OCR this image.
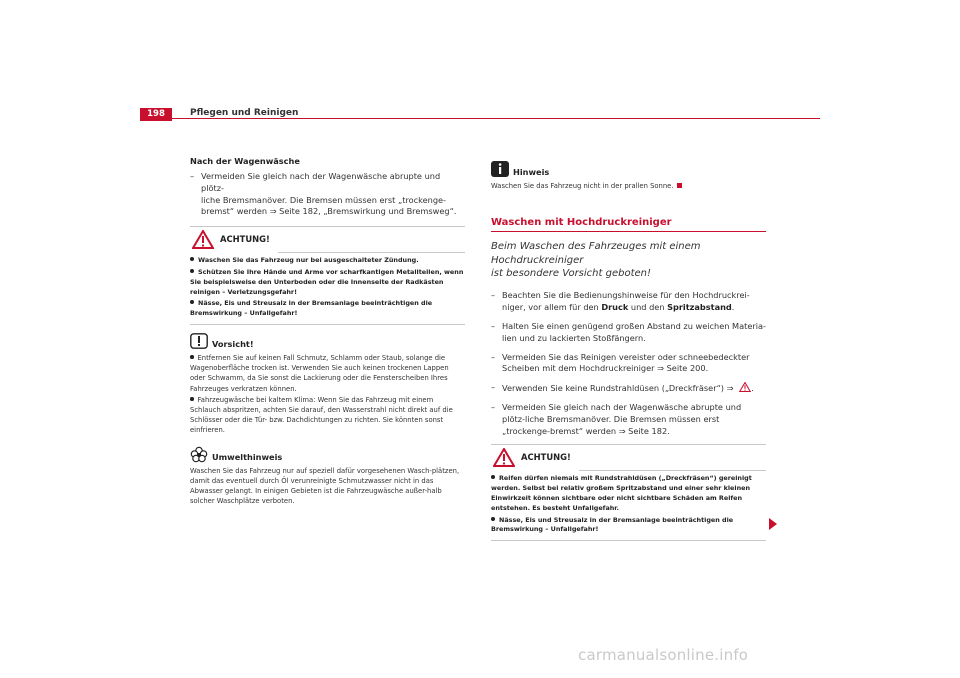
198	Pflegen und Reinigen
Nach der Wagenwäsche
– Vermeiden Sie gleich nach der Wagenwäsche abrupte und plötz-
liche Bremsmanöver. Die Bremsen müssen erst „trockenge-
bremst“ werden ⇒ Seite 182, „Bremswirkung und Bremsweg“.
ACHTUNG!
Waschen Sie das Fahrzeug nur bei ausgeschalteter Zündung.
Schützen Sie Ihre Hände und Arme vor scharfkantigen Metallteilen, wenn Sie beispielsweise den Unterboden oder die Innenseite der Radkästen reinigen – Verletzungsgefahr!
Nässe, Eis und Streusalz in der Bremsanlage beeinträchtigen die Bremswirkung – Unfallgefahr!
Vorsicht!
Entfernen Sie auf keinen Fall Schmutz, Schlamm oder Staub, solange die Wagenoberfläche trocken ist. Verwenden Sie auch keinen trockenen Lappen oder Schwamm, da Sie sonst die Lackierung oder die Fensterscheiben Ihres Fahrzeuges verkratzen können.
Fahrzeugwäsche bei kaltem Klima: Wenn Sie das Fahrzeug mit einem Schlauch abspritzen, achten Sie darauf, den Wasserstrahl nicht direkt auf die Schlösser oder die Tür- bzw. Dachdichtungen zu richten. Sie könnten sonst einfrieren.
Umwelthinweis
Waschen Sie das Fahrzeug nur auf speziell dafür vorgesehenen Wasch-plätzen, damit das eventuell durch Öl verunreinigte Schmutzwasser nicht in das Abwasser gelangt. In einigen Gebieten ist die Fahrzeugwäsche außer-halb solcher Waschplätze verboten.
Hinweis
Waschen Sie das Fahrzeug nicht in der prallen Sonne.
Waschen mit Hochdruckreiniger
Beim Waschen des Fahrzeuges mit einem Hochdruckreiniger
ist besondere Vorsicht geboten!
– Beachten Sie die Bedienungshinweise für den Hochdruckrei-niger, vor allem für den Druck und den Spritzabstand.
– Halten Sie einen genügend großen Abstand zu weichen Materia-lien und zu lackierten Stoßfängern.
– Vermeiden Sie das Reinigen vereister oder schneebedeckter Scheiben mit dem Hochdruckreiniger ⇒ Seite 200.
– Verwenden Sie keine Rundstrahldüsen („Dreckfräser“) ⇒ .
– Vermeiden Sie gleich nach der Wagenwäsche abrupte und plötz-liche Bremsmanöver. Die Bremsen müssen erst „trockenge-bremst“ werden ⇒ Seite 182.
ACHTUNG!
Reifen dürfen niemals mit Rundstrahldüsen („Dreckfräsen“) gereinigt werden. Selbst bei relativ großem Spritzabstand und einer sehr kleinen Einwirkzeit können sichtbare oder nicht sichtbare Schäden am Reifen entstehen. Es besteht Unfallgefahr.
Nässe, Eis und Streusalz in der Bremsanlage beeinträchtigen die Bremswirkung – Unfallgefahr!
carmanualsonline.info
